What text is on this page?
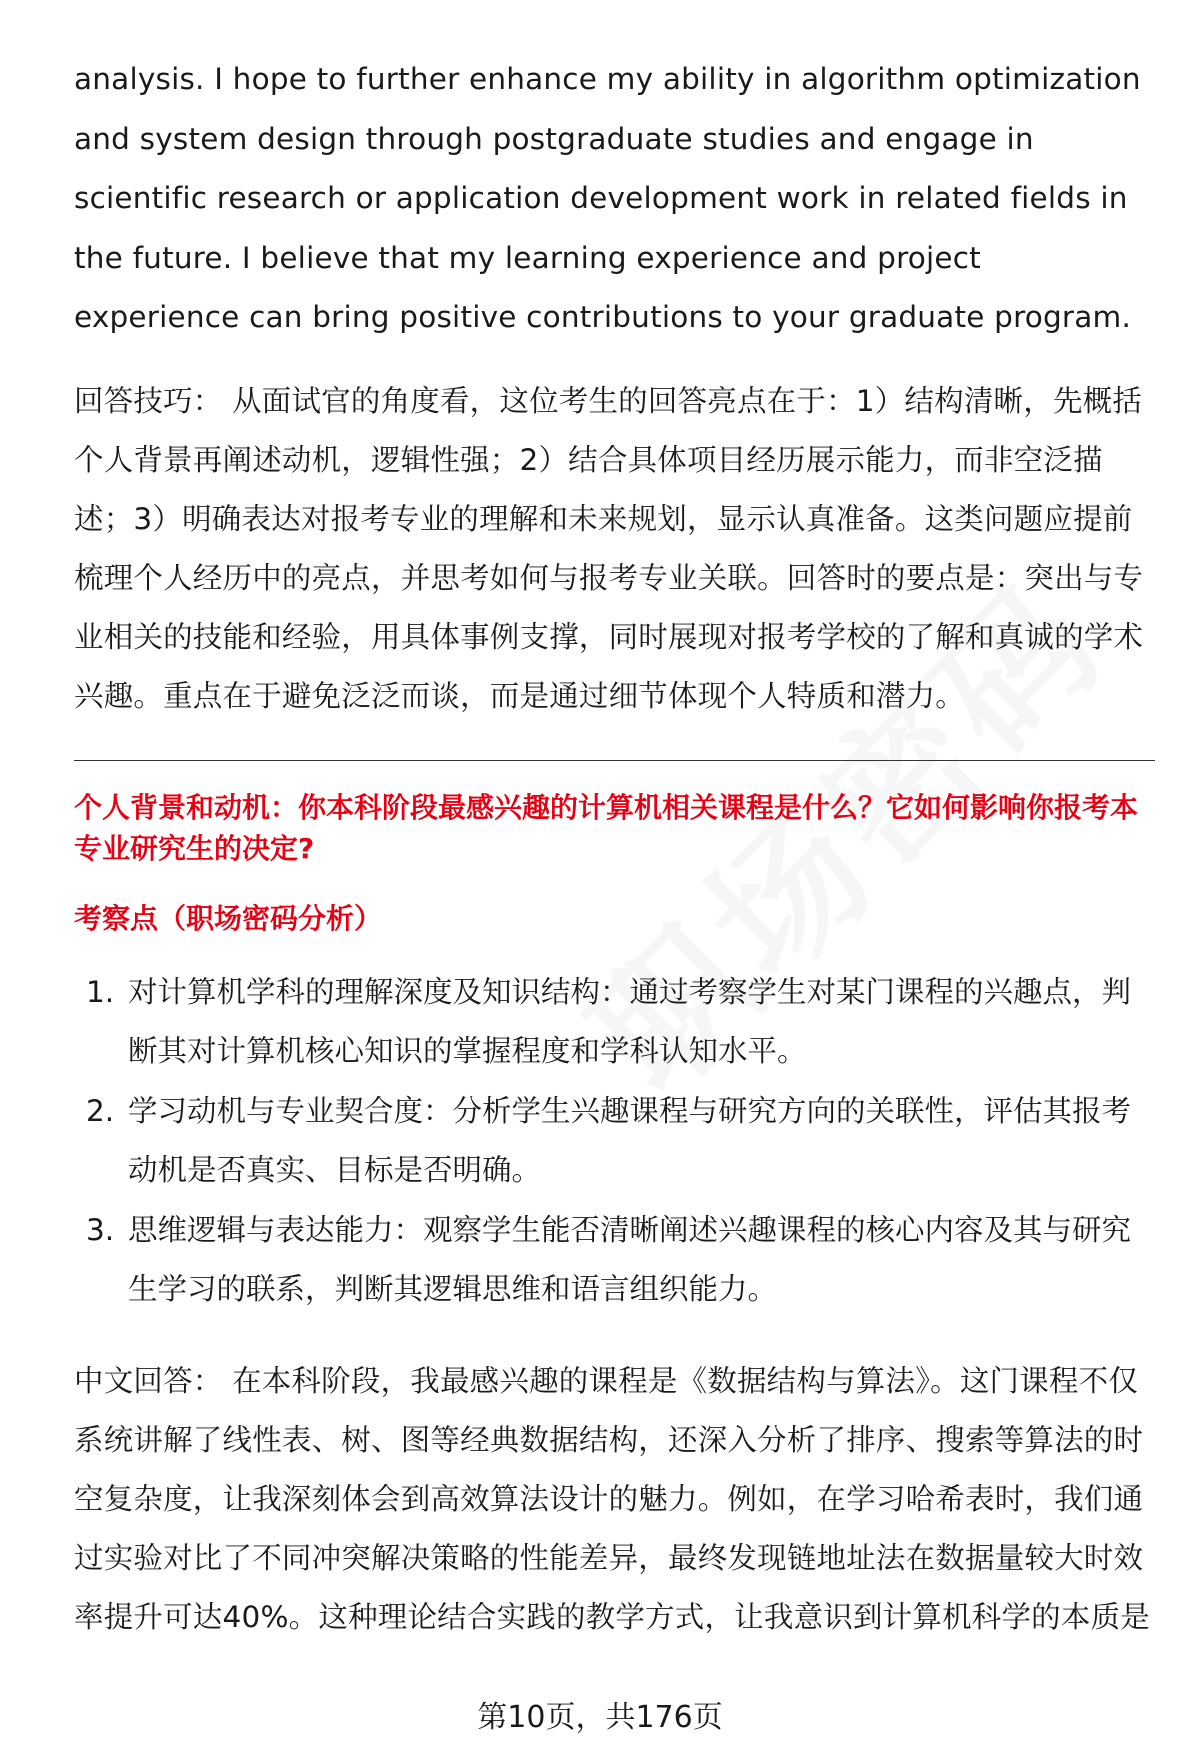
analysis. I hope to further enhance my ability in algorithm optimization and system design through postgraduate studies and engage in scientific research or application development work in related fields in the future. I believe that my learning experience and project experience can bring positive contributions to your graduate program.

回答技巧： 从面试官的角度看，这位考生的回答亮点在于：1）结构清晰，先概括个人背景再阐述动机，逻辑性强；2）结合具体项目经历展示能力，而非空泛描述；3）明确表达对报考专业的理解和未来规划，显示认真准备。这类问题应提前梳理个人经历中的亮点，并思考如何与报考专业关联。回答时的要点是：突出与专业相关的技能和经验，用具体事例支撑，同时展现对报考学校的了解和真诚的学术兴趣。重点在于避免泛泛而谈，而是通过细节体现个人特质和潜力。

个人背景和动机：你本科阶段最感兴趣的计算机相关课程是什么？它如何影响你报考本专业研究生的决定?

考察点（职场密码分析）

1. 对计算机学科的理解深度及知识结构：通过考察学生对某门课程的兴趣点，判断其对计算机核心知识的掌握程度和学科认知水平。
2. 学习动机与专业契合度：分析学生兴趣课程与研究方向的关联性，评估其报考动机是否真实、目标是否明确。
3. 思维逻辑与表达能力：观察学生能否清晰阐述兴趣课程的核心内容及其与研究生学习的联系，判断其逻辑思维和语言组织能力。

中文回答： 在本科阶段，我最感兴趣的课程是《数据结构与算法》。这门课程不仅系统讲解了线性表、树、图等经典数据结构，还深入分析了排序、搜索等算法的时空复杂度，让我深刻体会到高效算法设计的魅力。例如，在学习哈希表时，我们通过实验对比了不同冲突解决策略的性能差异，最终发现链地址法在数据量较大时效率提升可达40%。这种理论结合实践的教学方式，让我意识到计算机科学的本质是

第10页，共176页
